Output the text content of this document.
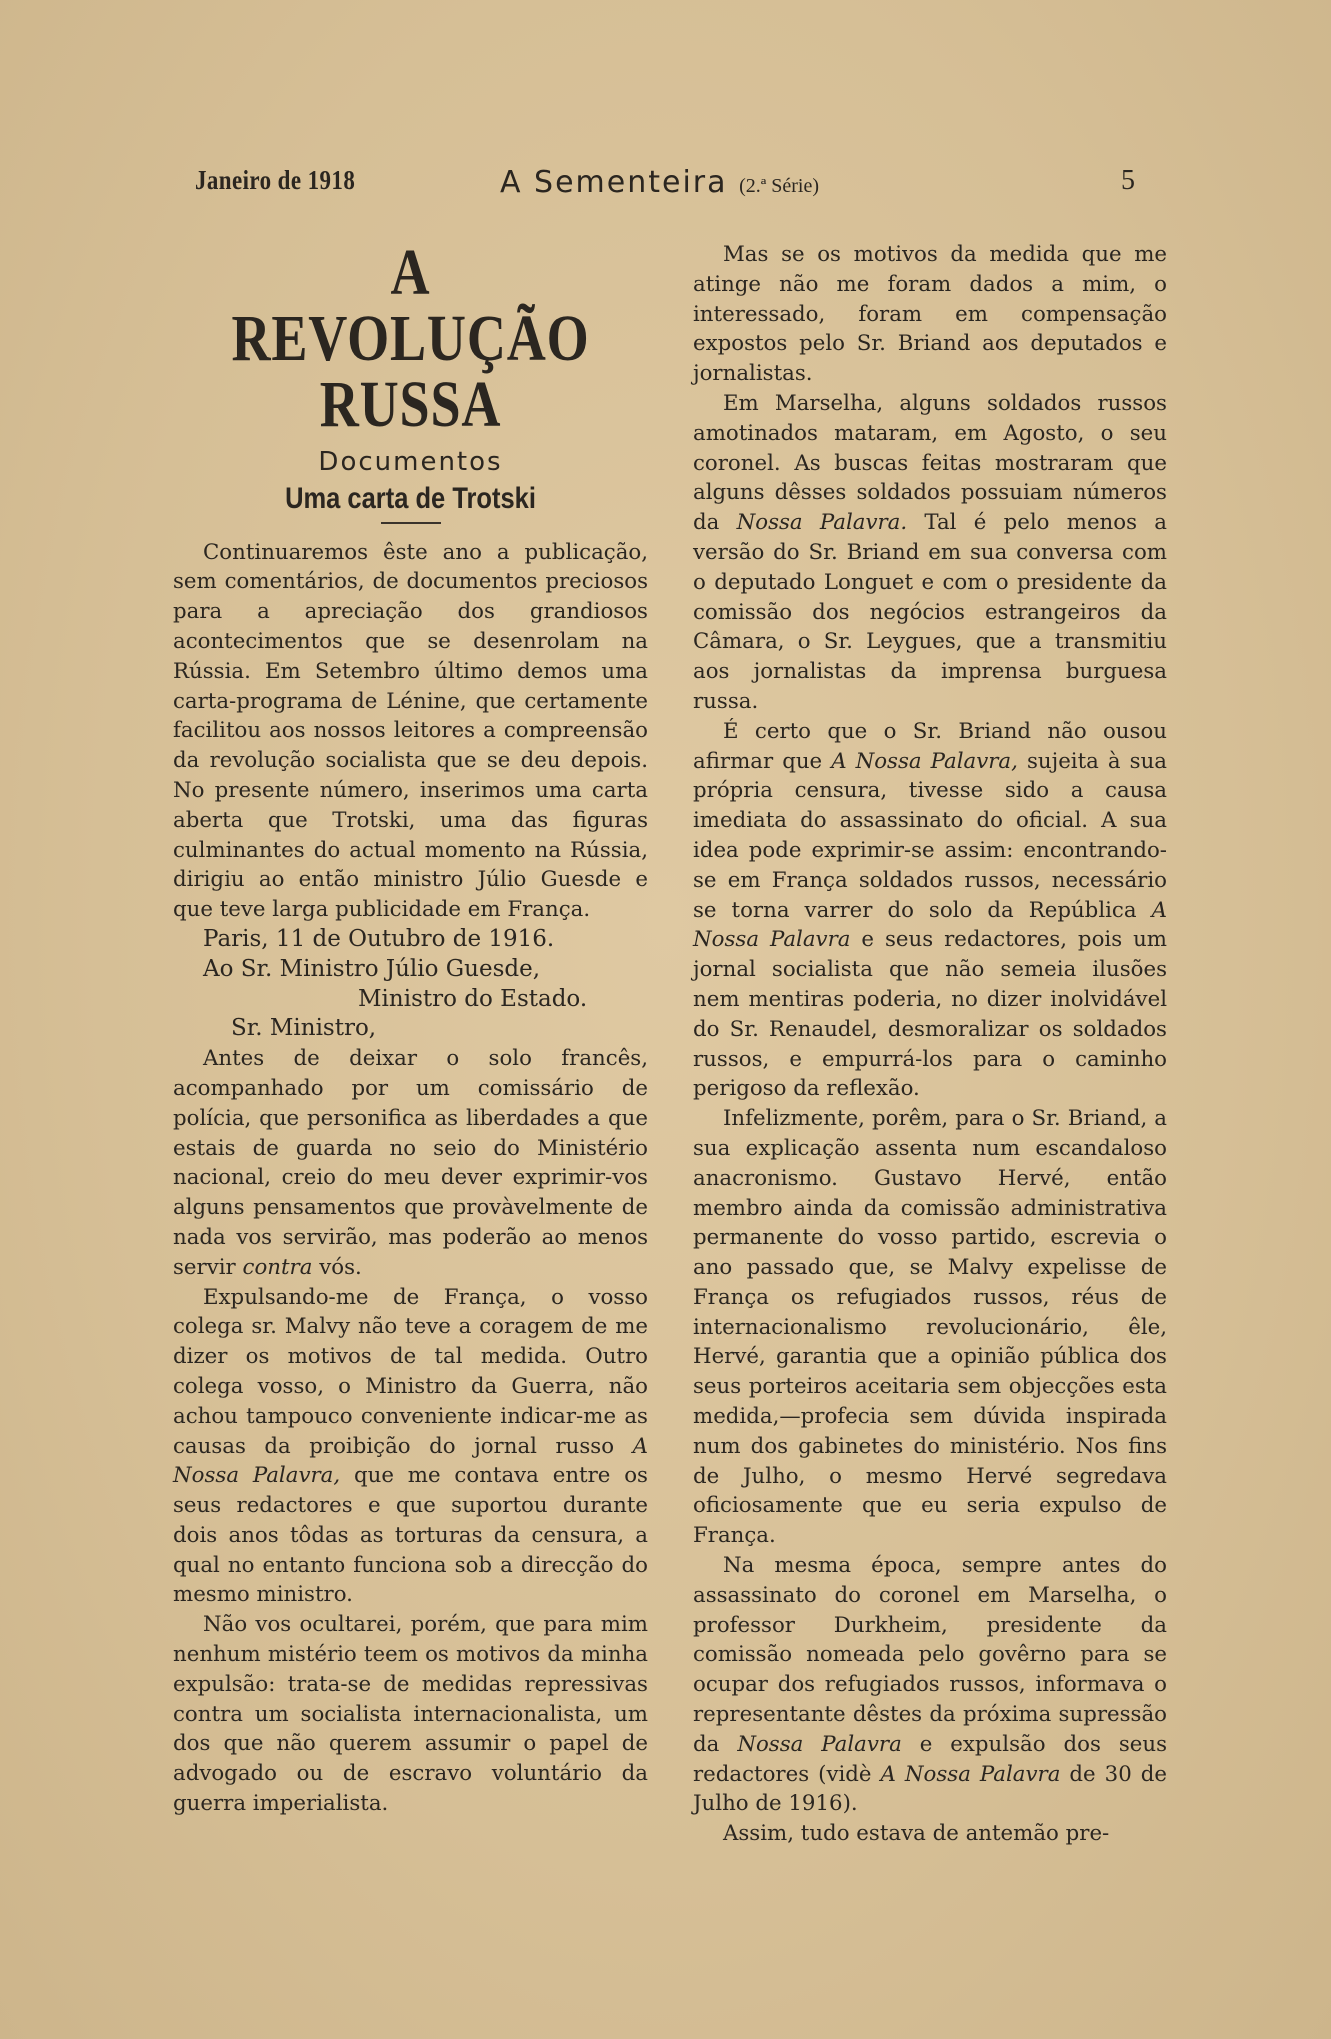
Janeiro de 1918	A Sementeira (2.ª Série)	5
A REVOLUÇÃO RUSSA
Documentos
Uma carta de Trotski

Continuaremos êste ano a publicação, sem comentários, de documentos preciosos para a apreciação dos grandiosos acontecimentos que se desenrolam na Rússia. Em Setembro último demos uma carta-programa de Lénine, que certamente facilitou aos nossos leitores a compreensão da revolução socialista que se deu depois. No presente número, inserimos uma carta aberta que Trotski, uma das figuras culminantes do actual momento na Rússia, dirigiu ao então ministro Júlio Guesde e que teve larga publicidade em França.

Paris, 11 de Outubro de 1916.

Ao Sr. Ministro Júlio Guesde,

Ministro do Estado.

Sr. Ministro,

Antes de deixar o solo francês, acompanhado por um comissário de polícia, que personifica as liberdades a que estais de guarda no seio do Ministério nacional, creio do meu dever exprimir-vos alguns pensamentos que provàvelmente de nada vos servirão, mas poderão ao menos servir contra vós.

Expulsando-me de França, o vosso colega sr. Malvy não teve a coragem de me dizer os motivos de tal medida. Outro colega vosso, o Ministro da Guerra, não achou tampouco conveniente indicar-me as causas da proibição do jornal russo A Nossa Palavra, que me contava entre os seus redactores e que suportou durante dois anos tôdas as torturas da censura, a qual no entanto funciona sob a direcção do mesmo ministro.

Não vos ocultarei, porém, que para mim nenhum mistério teem os motivos da minha expulsão: trata-se de medidas repressivas contra um socialista internacionalista, um dos que não querem assumir o papel de advogado ou de escravo voluntário da guerra imperialista.

Mas se os motivos da medida que me atinge não me foram dados a mim, o interessado, foram em compensação expostos pelo Sr. Briand aos deputados e jornalistas.

Em Marselha, alguns soldados russos amotinados mataram, em Agosto, o seu coronel. As buscas feitas mostraram que alguns dêsses soldados possuiam números da Nossa Palavra. Tal é pelo menos a versão do Sr. Briand em sua conversa com o deputado Longuet e com o presidente da comissão dos negócios estrangeiros da Câmara, o Sr. Leygues, que a transmitiu aos jornalistas da imprensa burguesa russa.

É certo que o Sr. Briand não ousou afirmar que A Nossa Palavra, sujeita à sua própria censura, tivesse sido a causa imediata do assassinato do oficial. A sua idea pode exprimir-se assim: encontrando-se em França soldados russos, necessário se torna varrer do solo da República A Nossa Palavra e seus redactores, pois um jornal socialista que não semeia ilusões nem mentiras poderia, no dizer inolvidável do Sr. Renaudel, desmoralizar os soldados russos, e empurrá-los para o caminho perigoso da reflexão.

Infelizmente, porêm, para o Sr. Briand, a sua explicação assenta num escandaloso anacronismo. Gustavo Hervé, então membro ainda da comissão administrativa permanente do vosso partido, escrevia o ano passado que, se Malvy expelisse de França os refugiados russos, réus de internacionalismo revolucionário, êle, Hervé, garantia que a opinião pública dos seus porteiros aceitaria sem objecções esta medida,—profecia sem dúvida inspirada num dos gabinetes do ministério. Nos fins de Julho, o mesmo Hervé segredava oficiosamente que eu seria expulso de França.

Na mesma época, sempre antes do assassinato do coronel em Marselha, o professor Durkheim, presidente da comissão nomeada pelo govêrno para se ocupar dos refugiados russos, informava o representante dêstes da próxima supressão da Nossa Palavra e expulsão dos seus redactores (vidè A Nossa Palavra de 30 de Julho de 1916).

Assim, tudo estava de antemão pre-
